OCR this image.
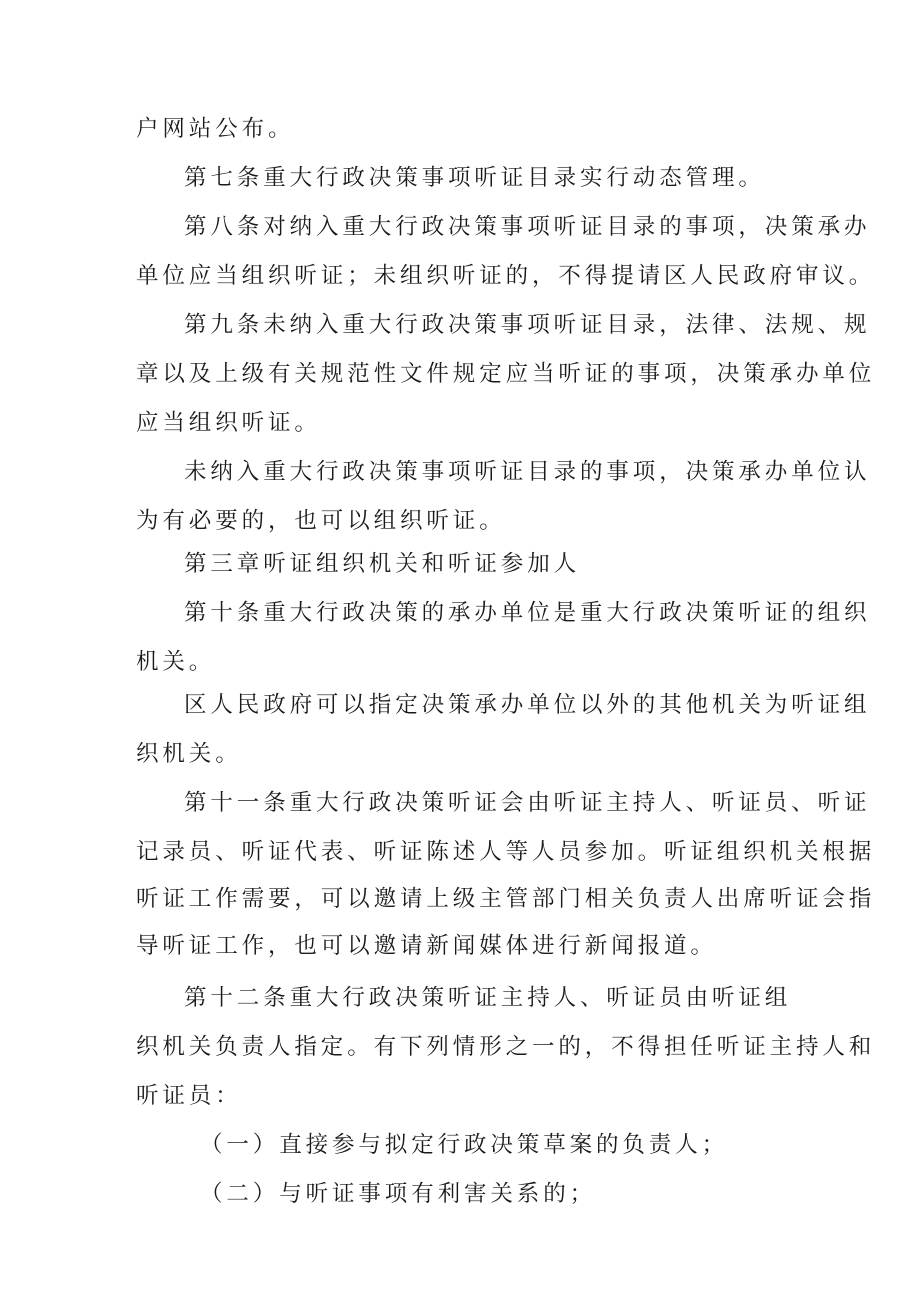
户网站公布。
第七条重大行政决策事项听证目录实行动态管理。
第八条对纳入重大行政决策事项听证目录的事项，决策承办
单位应当组织听证；未组织听证的，不得提请区人民政府审议。
第九条未纳入重大行政决策事项听证目录，法律、法规、规
章以及上级有关规范性文件规定应当听证的事项，决策承办单位
应当组织听证。
未纳入重大行政决策事项听证目录的事项，决策承办单位认
为有必要的，也可以组织听证。
第三章听证组织机关和听证参加人
第十条重大行政决策的承办单位是重大行政决策听证的组织
机关。
区人民政府可以指定决策承办单位以外的其他机关为听证组
织机关。
第十一条重大行政决策听证会由听证主持人、听证员、听证
记录员、听证代表、听证陈述人等人员参加。听证组织机关根据
听证工作需要，可以邀请上级主管部门相关负责人出席听证会指
导听证工作，也可以邀请新闻媒体进行新闻报道。
第十二条重大行政决策听证主持人、听证员由听证组
织机关负责人指定。有下列情形之一的，不得担任听证主持人和
听证员：
（一）直接参与拟定行政决策草案的负责人；
（二）与听证事项有利害关系的；
